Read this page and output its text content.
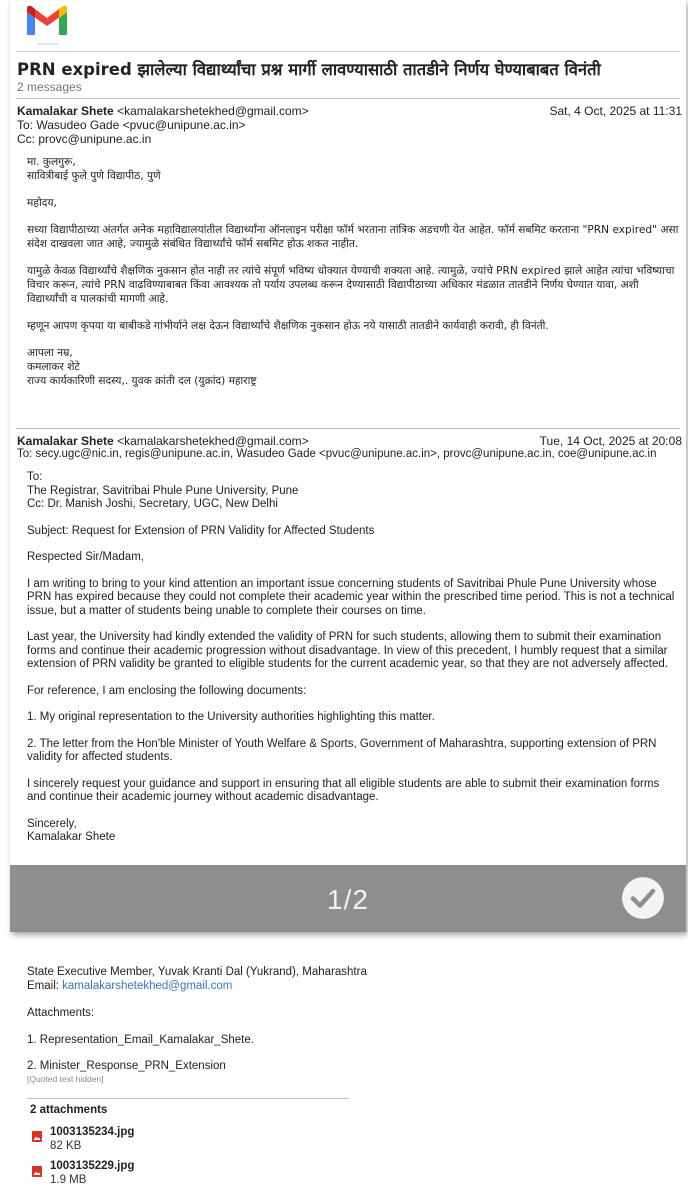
PRN expired झालेल्या विद्यार्थ्यांचा प्रश्न मार्गी लावण्यासाठी तातडीने निर्णय घेण्याबाबत विनंती
2 messages
Kamalakar Shete <kamalakarshetekhed@gmail.com>	Sat, 4 Oct, 2025 at 11:31
To: Wasudeo Gade <pvuc@unipune.ac.in>
Cc: provc@unipune.ac.in
मा. कुलगुरू,

सावित्रीबाई फुले पुणे विद्यापीठ, पुणे

महोदय,

सध्या विद्यापीठाच्या अंतर्गत अनेक महाविद्यालयांतील विद्यार्थ्यांना ऑनलाइन परीक्षा फॉर्म भरताना तांत्रिक अडचणी येत आहेत. फॉर्म सबमिट करताना "PRN expired" असा संदेश दाखवला जात आहे, ज्यामुळे संबंधित विद्यार्थ्यांचे फॉर्म सबमिट होऊ शकत नाहीत.

यामुळे केवळ विद्यार्थ्यांचे शैक्षणिक नुकसान होत नाही तर त्यांचे संपूर्ण भविष्य धोक्यात येण्याची शक्यता आहे. त्यामुळे, ज्यांचे PRN expired झाले आहेत त्यांचा भविष्याचा विचार करून, त्यांचे PRN वाढविण्याबाबत किंवा आवश्यक तो पर्याय उपलब्ध करून देण्यासाठी विद्यापीठाच्या अधिकार मंडळात तातडीने निर्णय घेण्यात यावा, अशी विद्यार्थ्यांची व पालकांची मागणी आहे.

म्हणून आपण कृपया या बाबीकडे गांभीर्याने लक्ष देऊन विद्यार्थ्यांचे शैक्षणिक नुकसान होऊ नये यासाठी तातडीने कार्यवाही करावी, ही विनंती.

आपला नम्र,
कमलाकर शेटे
राज्य कार्यकारिणी सदस्य,. युवक क्रांती दल (युक्रांद) महाराष्ट्र
Kamalakar Shete <kamalakarshetekhed@gmail.com>	Tue, 14 Oct, 2025 at 20:08
To: secy.ugc@nic.in, regis@unipune.ac.in, Wasudeo Gade <pvuc@unipune.ac.in>, provc@unipune.ac.in, coe@unipune.ac.in
To:
The Registrar, Savitribai Phule Pune University, Pune

Cc: Dr. Manish Joshi, Secretary, UGC, New Delhi

Subject: Request for Extension of PRN Validity for Affected Students

Respected Sir/Madam,

I am writing to bring to your kind attention an important issue concerning students of Savitribai Phule Pune University whose PRN has expired because they could not complete their academic year within the prescribed time period. This is not a technical issue, but a matter of students being unable to complete their courses on time.

Last year, the University had kindly extended the validity of PRN for such students, allowing them to submit their examination forms and continue their academic progression without disadvantage. In view of this precedent, I humbly request that a similar extension of PRN validity be granted to eligible students for the current academic year, so that they are not adversely affected.

For reference, I am enclosing the following documents:

1. My original representation to the University authorities highlighting this matter.

2. The letter from the Hon'ble Minister of Youth Welfare & Sports, Government of Maharashtra, supporting extension of PRN validity for affected students.

I sincerely request your guidance and support in ensuring that all eligible students are able to submit their examination forms and continue their academic journey without academic disadvantage.

Sincerely,
Kamalakar Shete
1/2
State Executive Member, Yuvak Kranti Dal (Yukrand), Maharashtra
Email: kamalakarshetekhed@gmail.com
Attachments:
1. Representation_Email_Kamalakar_Shete.
2. Minister_Response_PRN_Extension
[Quoted text hidden]
2 attachments
1003135234.jpg
82 KB
1003135229.jpg
1.9 MB
